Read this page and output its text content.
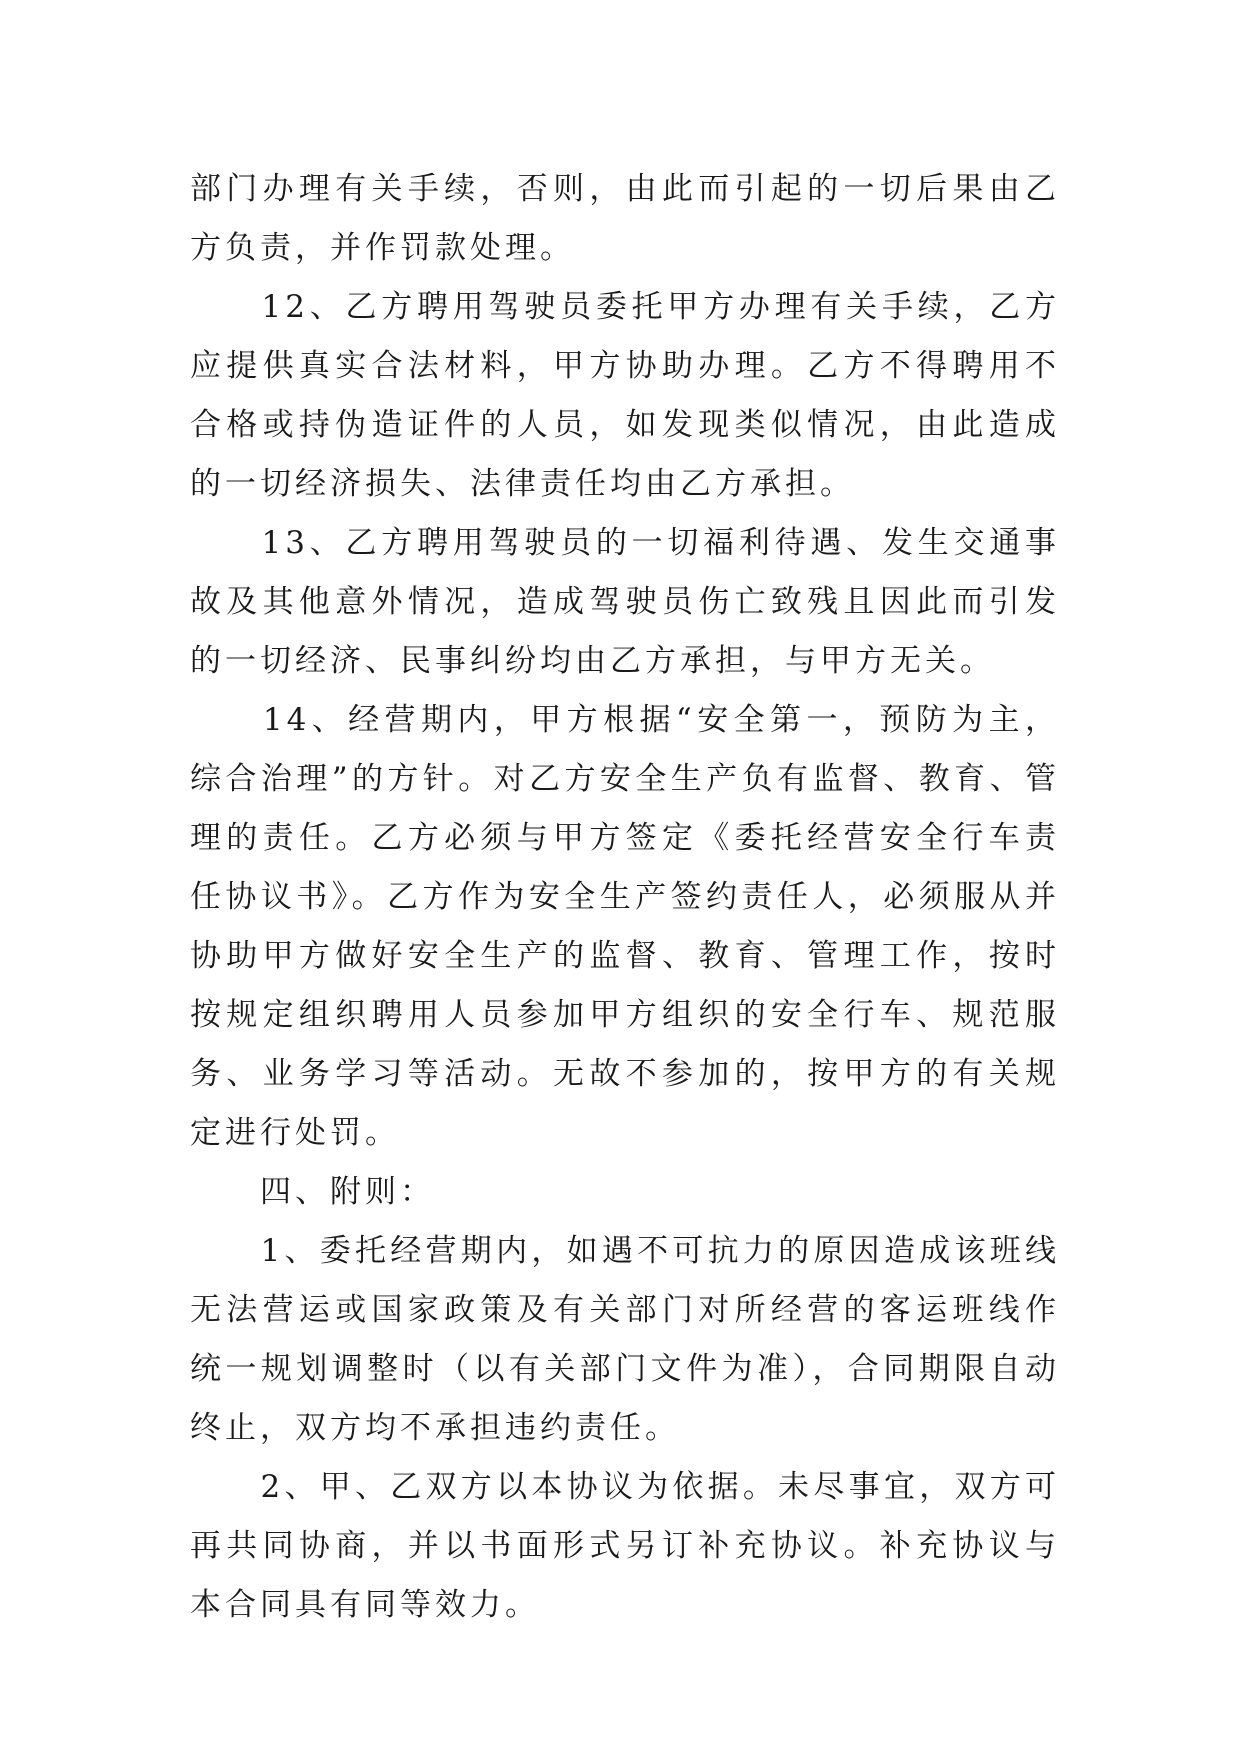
部门办理有关手续，否则，由此而引起的一切后果由乙方负责，并作罚款处理。

　　12、乙方聘用驾驶员委托甲方办理有关手续，乙方应提供真实合法材料，甲方协助办理。乙方不得聘用不合格或持伪造证件的人员，如发现类似情况，由此造成的一切经济损失、法律责任均由乙方承担。

　　13、乙方聘用驾驶员的一切福利待遇、发生交通事故及其他意外情况，造成驾驶员伤亡致残且因此而引发的一切经济、民事纠纷均由乙方承担，与甲方无关。

　　14、经营期内，甲方根据“安全第一，预防为主，综合治理”的方针。对乙方安全生产负有监督、教育、管理的责任。乙方必须与甲方签定《委托经营安全行车责任协议书》。乙方作为安全生产签约责任人，必须服从并协助甲方做好安全生产的监督、教育、管理工作，按时按规定组织聘用人员参加甲方组织的安全行车、规范服务、业务学习等活动。无故不参加的，按甲方的有关规定进行处罚。

　　四、附则：

　　1、委托经营期内，如遇不可抗力的原因造成该班线无法营运或国家政策及有关部门对所经营的客运班线作统一规划调整时（以有关部门文件为准），合同期限自动终止，双方均不承担违约责任。

　　2、甲、乙双方以本协议为依据。未尽事宜，双方可再共同协商，并以书面形式另订补充协议。补充协议与本合同具有同等效力。
